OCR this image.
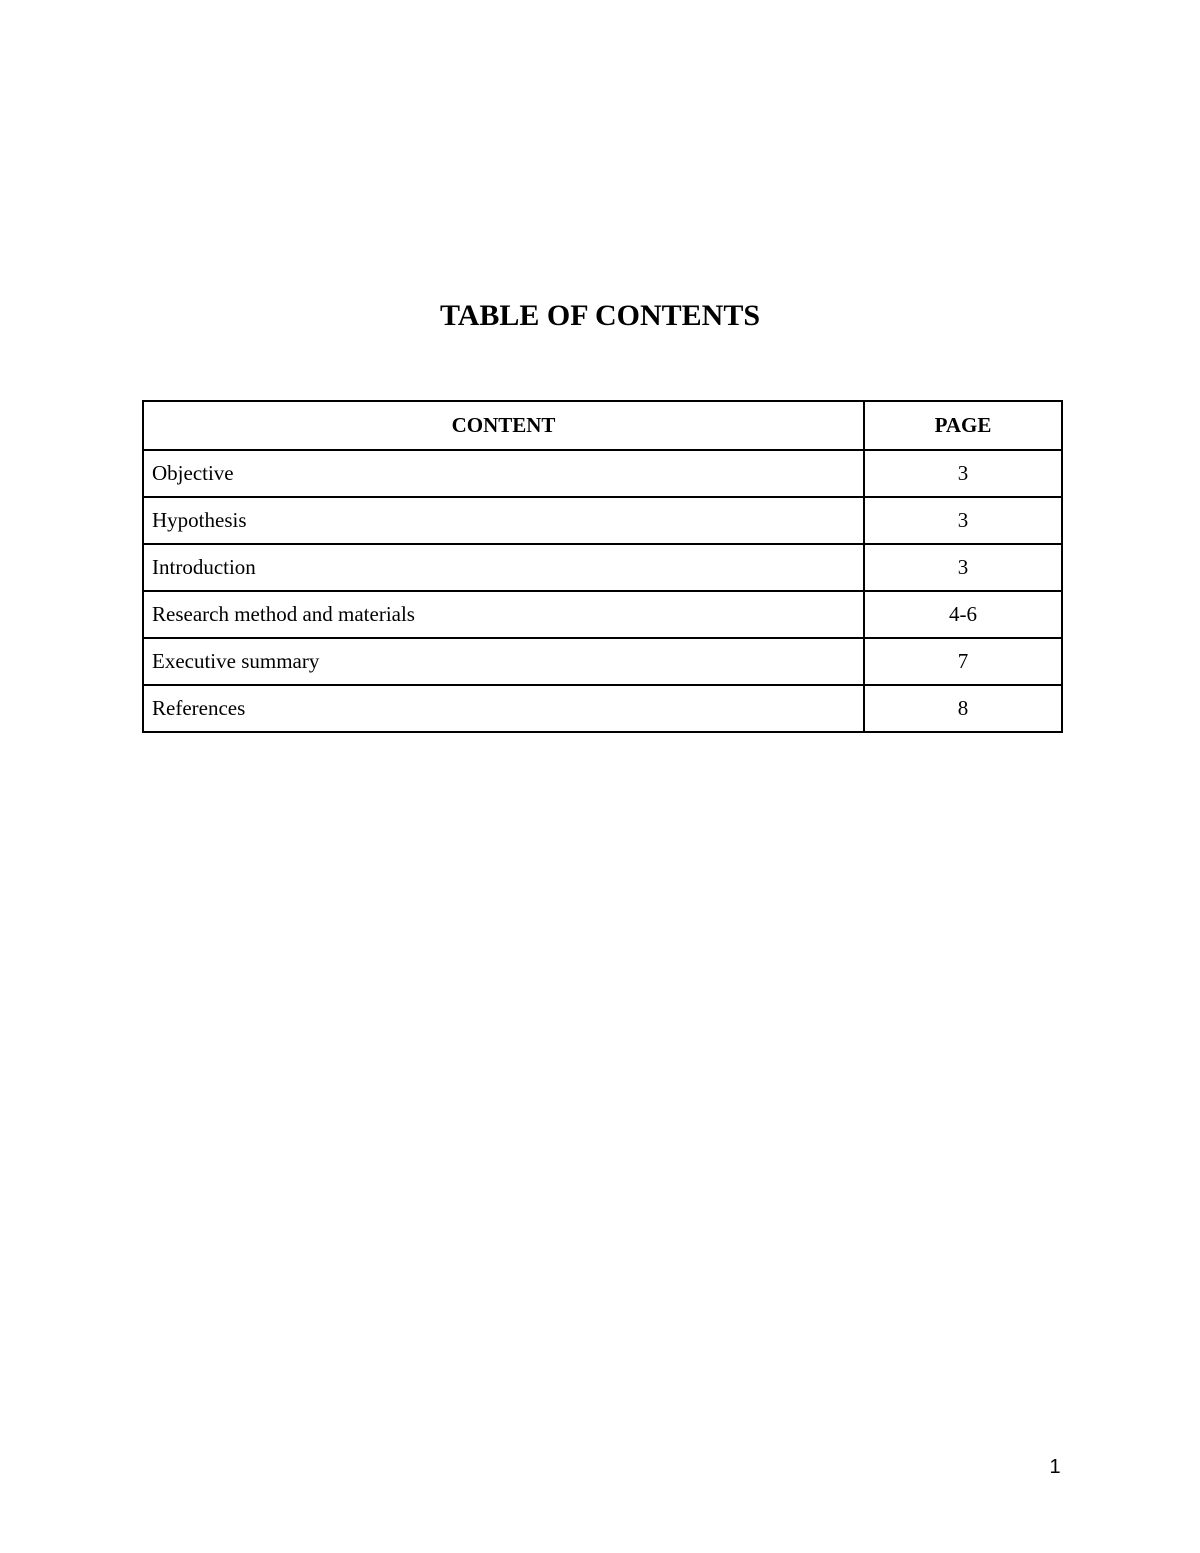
TABLE OF CONTENTS
CONTENT	PAGE
Objective	3
Hypothesis	3
Introduction	3
Research method and materials	4-6
Executive summary	7
References	8
1
